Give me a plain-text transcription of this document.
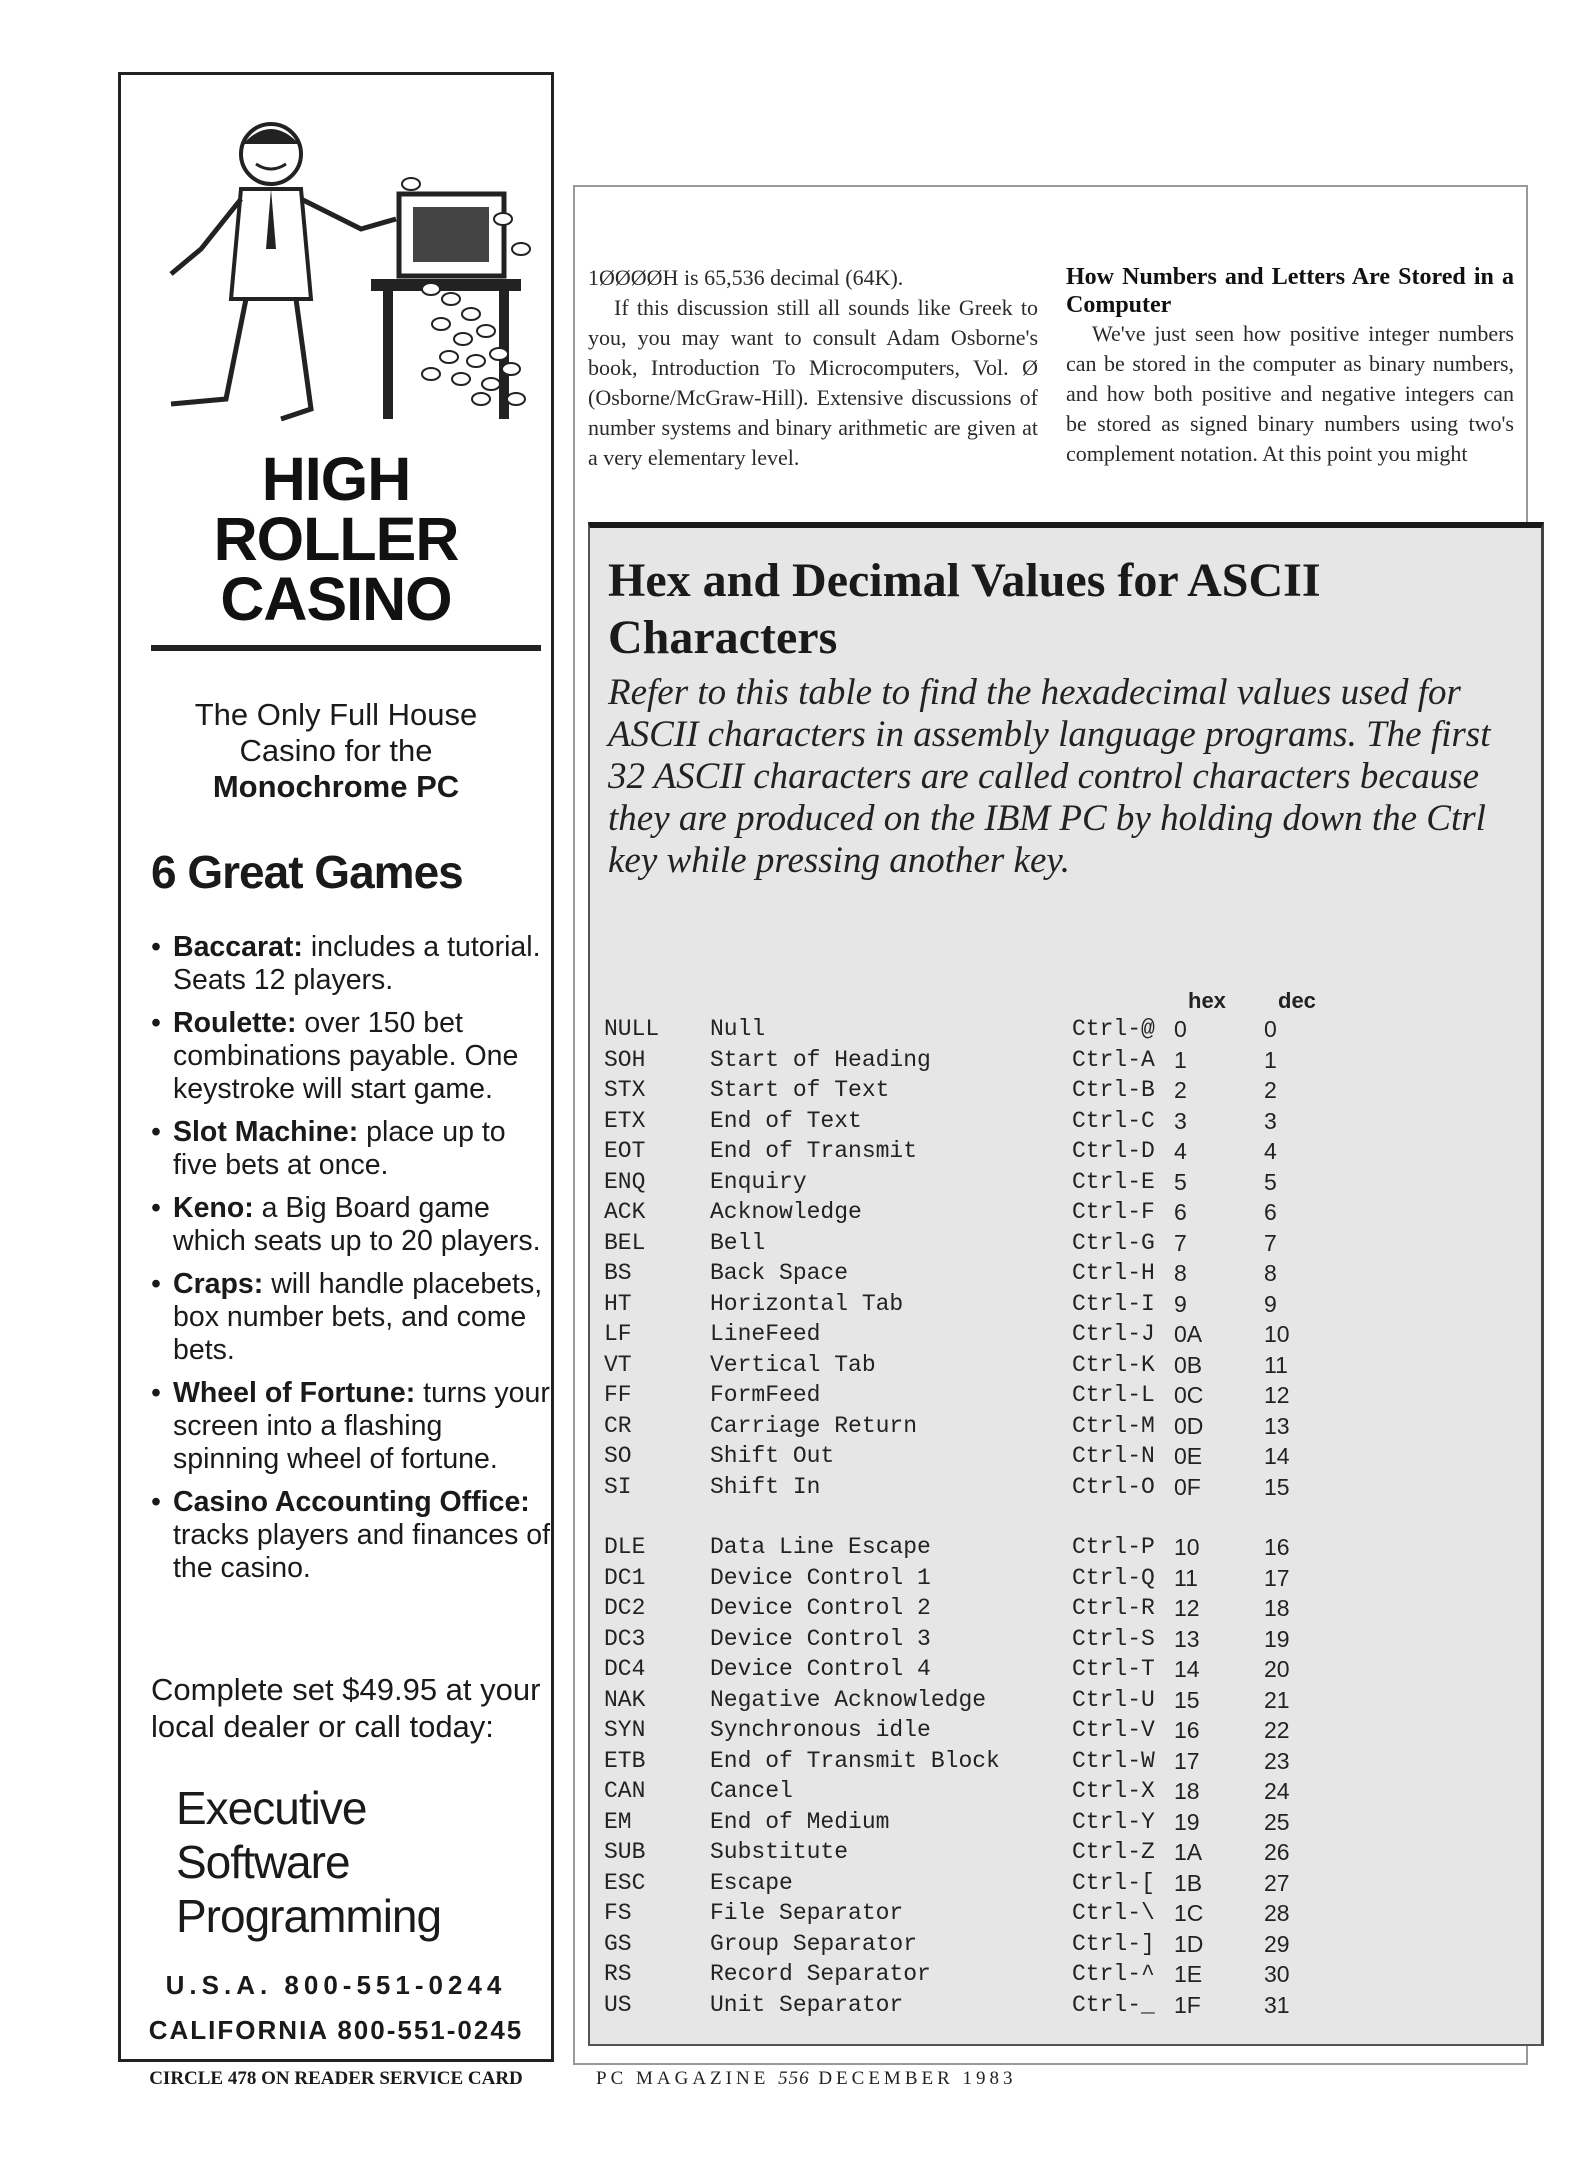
HIGH
ROLLER
CASINO
The Only Full House
Casino for the
Monochrome PC
6 Great Games
• Baccarat: includes a tutorial. Seats 12 players.
• Roulette: over 150 bet combinations payable. One keystroke will start game.
• Slot Machine: place up to five bets at once.
• Keno: a Big Board game which seats up to 20 players.
• Craps: will handle placebets, box number bets, and come bets.
• Wheel of Fortune: turns your screen into a flashing spinning wheel of fortune.
• Casino Accounting Office: tracks players and finances of the casino.
Complete set $49.95 at your local dealer or call today:
Executive
Software
Programming
U.S.A. 800-551-0244
CALIFORNIA 800-551-0245
CIRCLE 478 ON READER SERVICE CARD

1ØØØØH is 65,536 decimal (64K).

If this discussion still all sounds like Greek to you, you may want to consult Adam Osborne's book, Introduction To Microcomputers, Vol. Ø (Osborne/McGraw-Hill). Extensive discussions of number systems and binary arithmetic are given at a very elementary level.

How Numbers and Letters Are Stored in a Computer

We've just seen how positive integer numbers can be stored in the computer as binary numbers, and how both positive and negative integers can be stored as signed binary numbers using two's complement notation. At this point you might

Hex and Decimal Values for ASCII Characters
Refer to this table to find the hexadecimal values used for ASCII characters in assembly language programs. The first 32 ASCII characters are called control characters because they are produced on the IBM PC by holding down the Ctrl key while pressing another key.
hex dec
NULL Null	Ctrl-@ 0	0
SOH	Start of Heading	Ctrl-A 1	1
STX	Start of Text	Ctrl-B 2	2
ETX	End of Text	Ctrl-C 3	3
EOT	End of Transmit	Ctrl-D 4	4
ENQ	Enquiry	Ctrl-E 5	5
ACK	Acknowledge	Ctrl-F 6	6
BEL	Bell	Ctrl-G 7	7
BS	Back Space	Ctrl-H 8	8
HT	Horizontal Tab	Ctrl-I 9	9
LF	LineFeed	Ctrl-J 0A	10
VT	Vertical Tab	Ctrl-K 0B	11
FF	FormFeed	Ctrl-L 0C	12
CR	Carriage Return	Ctrl-M 0D	13
SO	Shift Out	Ctrl-N 0E	14
SI	Shift In	Ctrl-O 0F	15
DLE	Data Line Escape	Ctrl-P 10	16
DC1	Device Control 1	Ctrl-Q 11	17
DC2	Device Control 2	Ctrl-R 12	18
DC3	Device Control 3	Ctrl-S 13	19
DC4	Device Control 4	Ctrl-T 14	20
NAK	Negative Acknowledge	Ctrl-U 15	21
SYN	Synchronous idle	Ctrl-V 16	22
ETB	End of Transmit Block	Ctrl-W 17	23
CAN	Cancel	Ctrl-X 18	24
EM	End of Medium	Ctrl-Y 19	25
SUB	Substitute	Ctrl-Z 1A	26
ESC	Escape	Ctrl-[ 1B	27
FS	File Separator	Ctrl-\ 1C	28
GS	Group Separator	Ctrl-] 1D	29
RS	Record Separator	Ctrl-^ 1E	30
US	Unit Separator	Ctrl-_ 1F	31
PC MAGAZINE 556 DECEMBER 1983
